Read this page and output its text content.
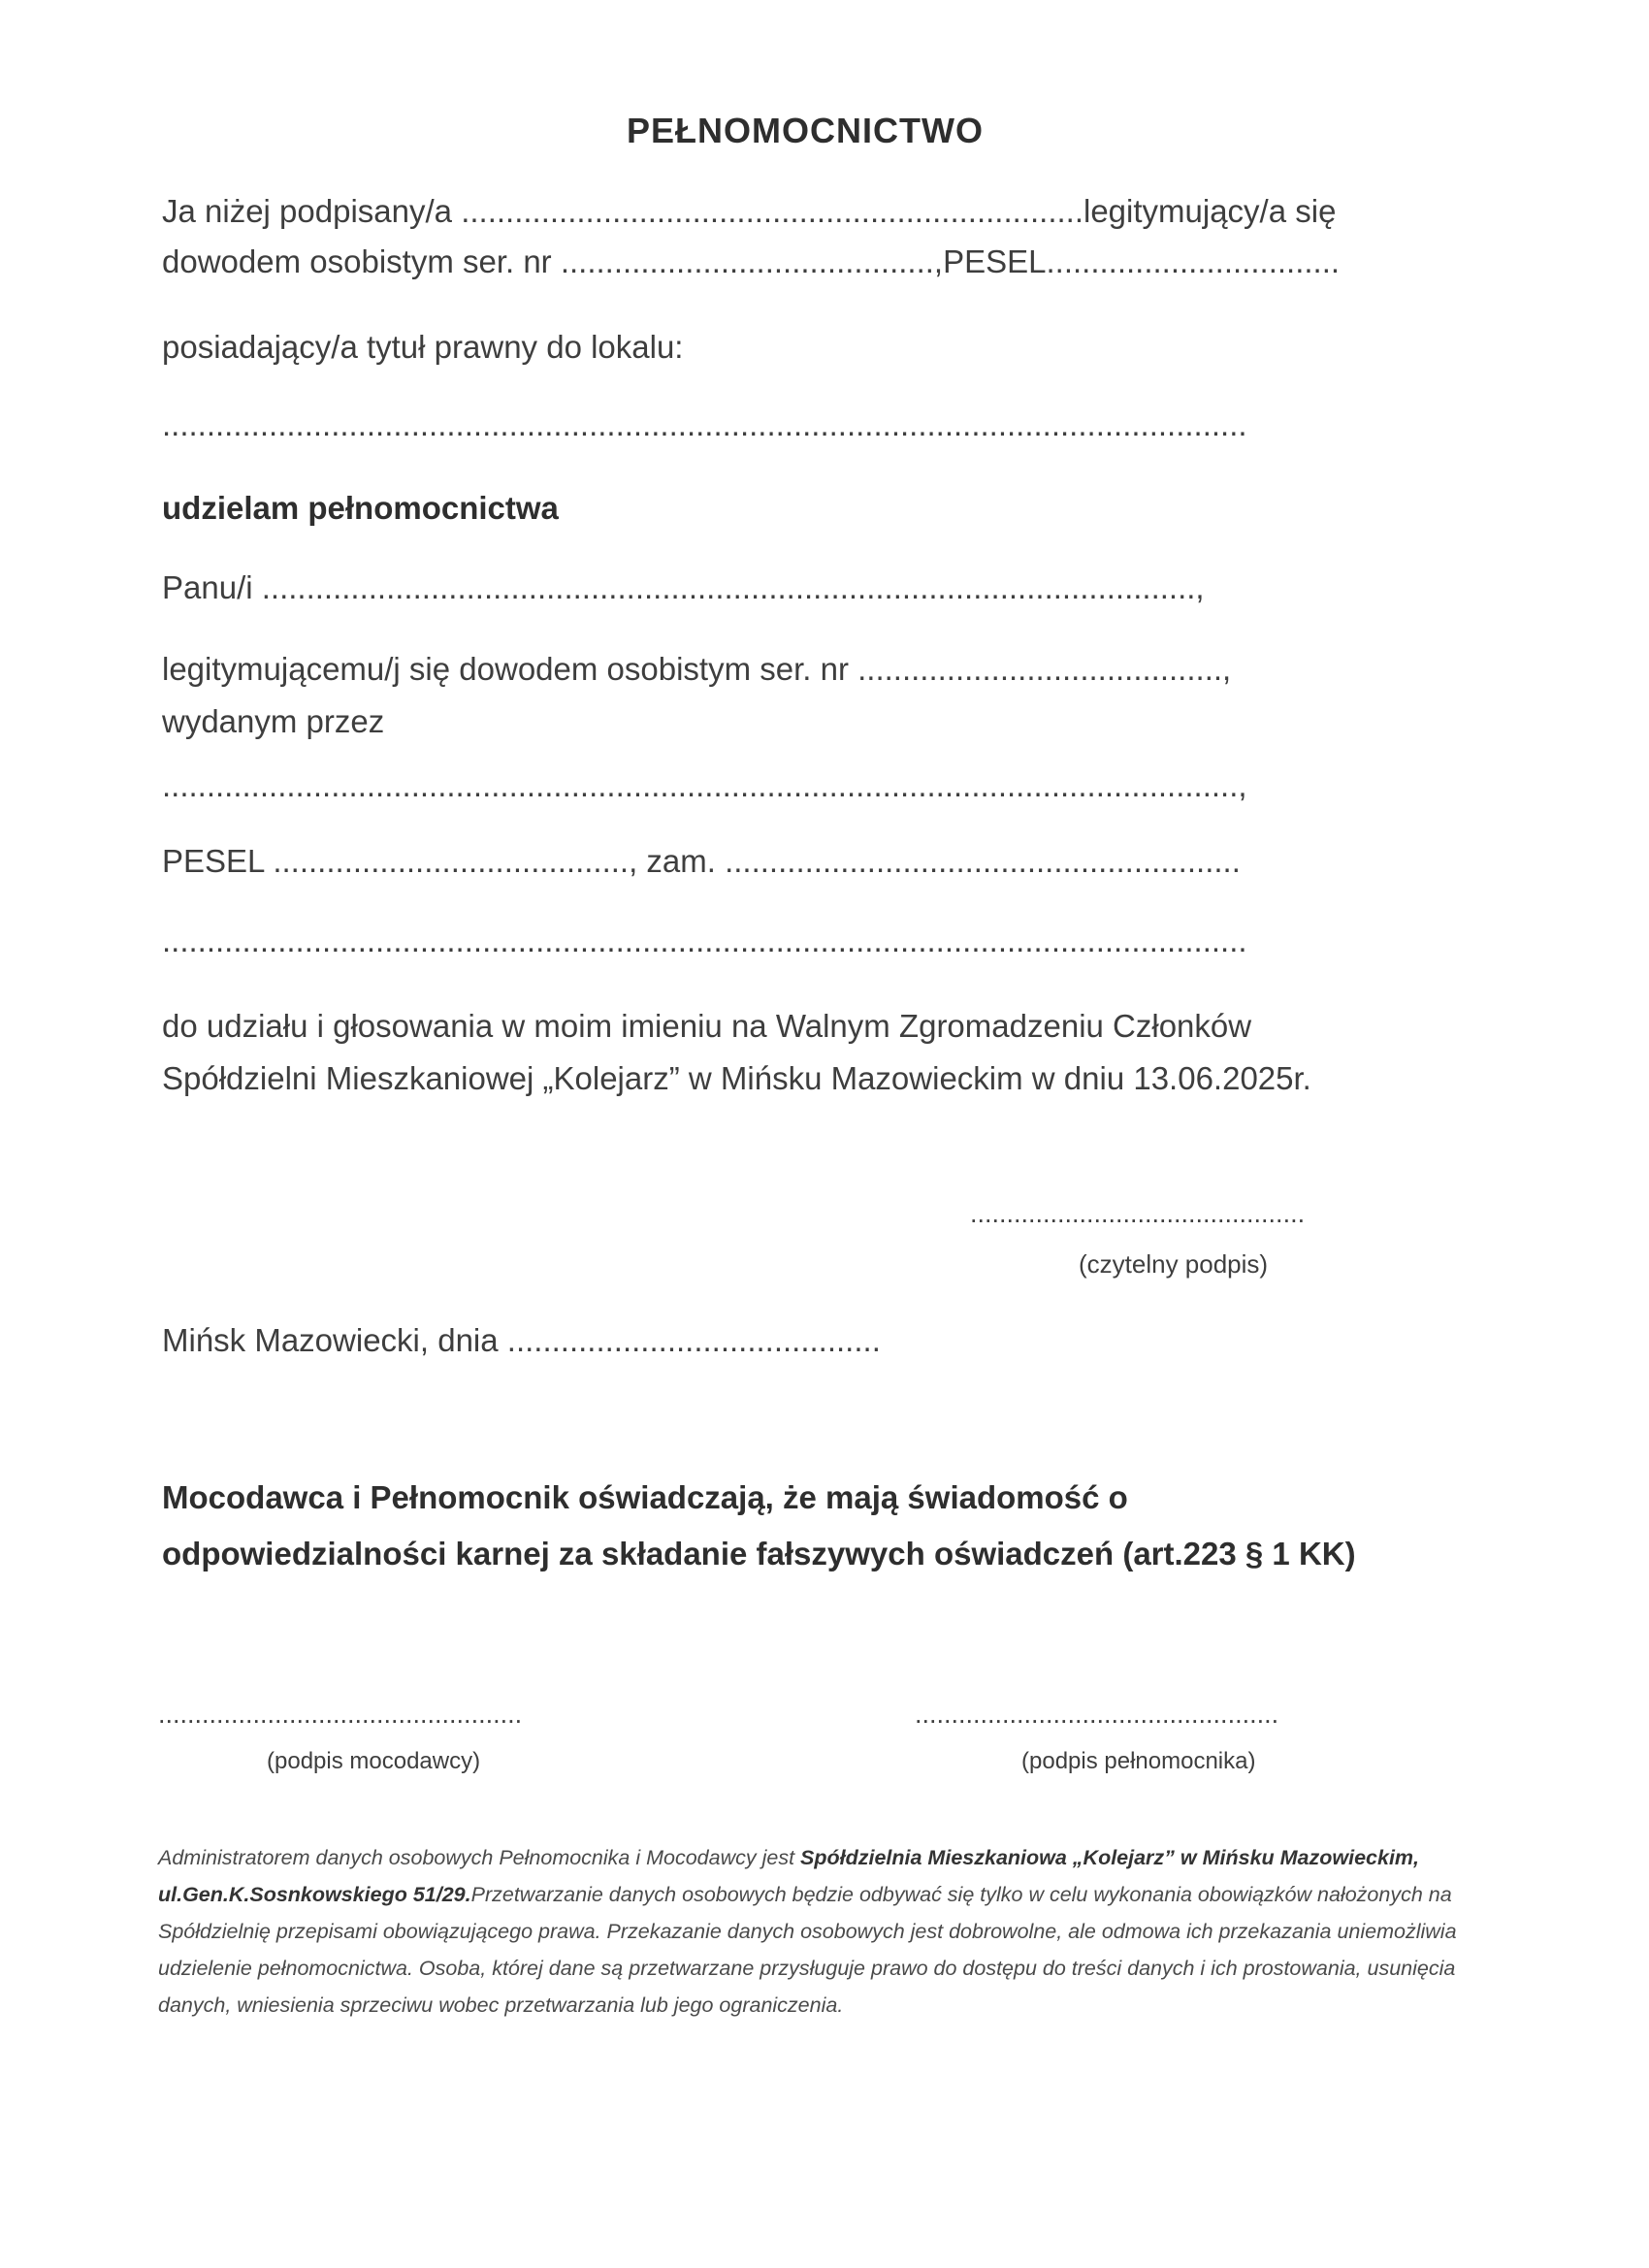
PEŁNOMOCNICTWO
Ja niżej podpisany/a ......................................................................legitymujący/a się
dowodem osobistym ser. nr ..........................................,PESEL.................................
posiadający/a tytuł prawny do lokalu:
..........................................................................................................................
udzielam pełnomocnictwa
Panu/i .........................................................................................................,
legitymującemu/j się dowodem osobistym ser. nr .........................................,
wydanym przez
.........................................................................................................................,
PESEL ........................................, zam. ..........................................................
..........................................................................................................................
do udziału i głosowania w moim imieniu na Walnym Zgromadzeniu Członków
Spółdzielni Mieszkaniowej „Kolejarz” w Mińsku Mazowieckim w dniu 13.06.2025r.
..............................................
(czytelny podpis)
Mińsk Mazowiecki, dnia ..........................................
Mocodawca i Pełnomocnik oświadczają, że mają świadomość o
odpowiedzialności karnej za składanie fałszywych oświadczeń (art.223 § 1 KK)
..................................................
(podpis mocodawcy)
..................................................
(podpis pełnomocnika)
Administratorem danych osobowych Pełnomocnika i Mocodawcy jest Spółdzielnia Mieszkaniowa „Kolejarz” w Mińsku Mazowieckim, ul.Gen.K.Sosnkowskiego 51/29.Przetwarzanie danych osobowych będzie odbywać się tylko w celu wykonania obowiązków nałożonych na Spółdzielnię przepisami obowiązującego prawa. Przekazanie danych osobowych jest dobrowolne, ale odmowa ich przekazania uniemożliwia udzielenie pełnomocnictwa. Osoba, której dane są przetwarzane przysługuje prawo do dostępu do treści danych i ich prostowania, usunięcia danych, wniesienia sprzeciwu wobec przetwarzania lub jego ograniczenia.
